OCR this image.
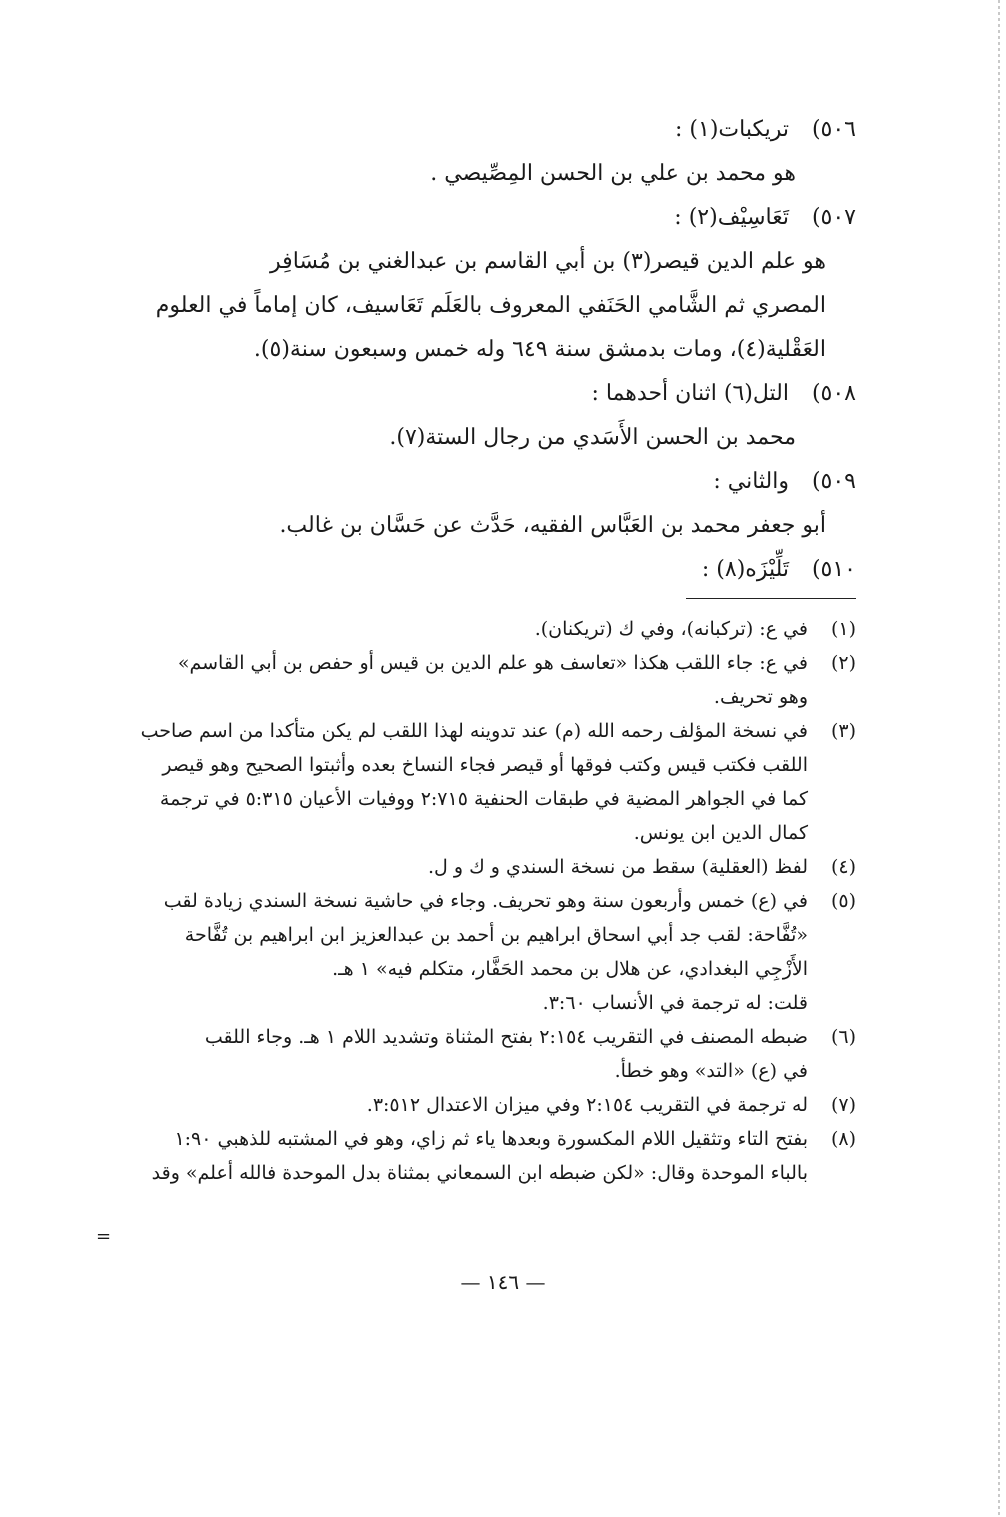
٥٠٦) تريكبات(١) :
هو محمد بن علي بن الحسن المِصِّيصي .
٥٠٧) تَعَاسِيْف(٢) :
هو علم الدين قيصر(٣) بن أبي القاسم بن عبدالغني بن مُسَافِر
المصري ثم الشَّامي الحَنَفي المعروف بالعَلَم تَعَاسيف، كان إماماً في العلوم
العَقْلية(٤)، ومات بدمشق سنة ٦٤٩ وله خمس وسبعون سنة(٥).
٥٠٨) التل(٦) اثنان أحدهما :
محمد بن الحسن الأَسَدي من رجال الستة(٧).
٥٠٩) والثاني :
أبو جعفر محمد بن العَبَّاس الفقيه، حَدَّث عن حَسَّان بن غالب.
٥١٠) تَلِّيْزَه(٨) :
(١)
في ع: (تركبانه)، وفي ك (تريكنان).
(٢)
في ع: جاء اللقب هكذا «تعاسف هو علم الدين بن قيس أو حفص بن أبي القاسم»
وهو تحريف.
(٣)
في نسخة المؤلف رحمه الله (م) عند تدوينه لهذا اللقب لم يكن متأكدا من اسم صاحب
اللقب فكتب قيس وكتب فوقها أو قيصر فجاء النساخ بعده وأثبتوا الصحيح وهو قيصر
كما في الجواهر المضية في طبقات الحنفية ٢:٧١٥ ووفيات الأعيان ٥:٣١٥ في ترجمة
كمال الدين ابن يونس.
(٤)
لفظ (العقلية) سقط من نسخة السندي و ك و ل.
(٥)
في (ع) خمس وأربعون سنة وهو تحريف. وجاء في حاشية نسخة السندي زيادة لقب
«تُفَّاحة: لقب جد أبي اسحاق ابراهيم بن أحمد بن عبدالعزيز ابن ابراهيم بن تُفَّاحة
الأَزْجِي البغدادي، عن هلال بن محمد الحَفَّار، متكلم فيه» ١ هـ.
قلت: له ترجمة في الأنساب ٣:٦٠.
(٦)
ضبطه المصنف في التقريب ٢:١٥٤ بفتح المثناة وتشديد اللام ١ هـ. وجاء اللقب
في (ع) «التد» وهو خطأ.
(٧)
له ترجمة في التقريب ٢:١٥٤ وفي ميزان الاعتدال ٣:٥١٢.
(٨)
بفتح التاء وتثقيل اللام المكسورة وبعدها ياء ثم زاي، وهو في المشتبه للذهبي ١:٩٠
بالباء الموحدة وقال: «لكن ضبطه ابن السمعاني بمثناة بدل الموحدة فالله أعلم» وقد
=
— ١٤٦ —
